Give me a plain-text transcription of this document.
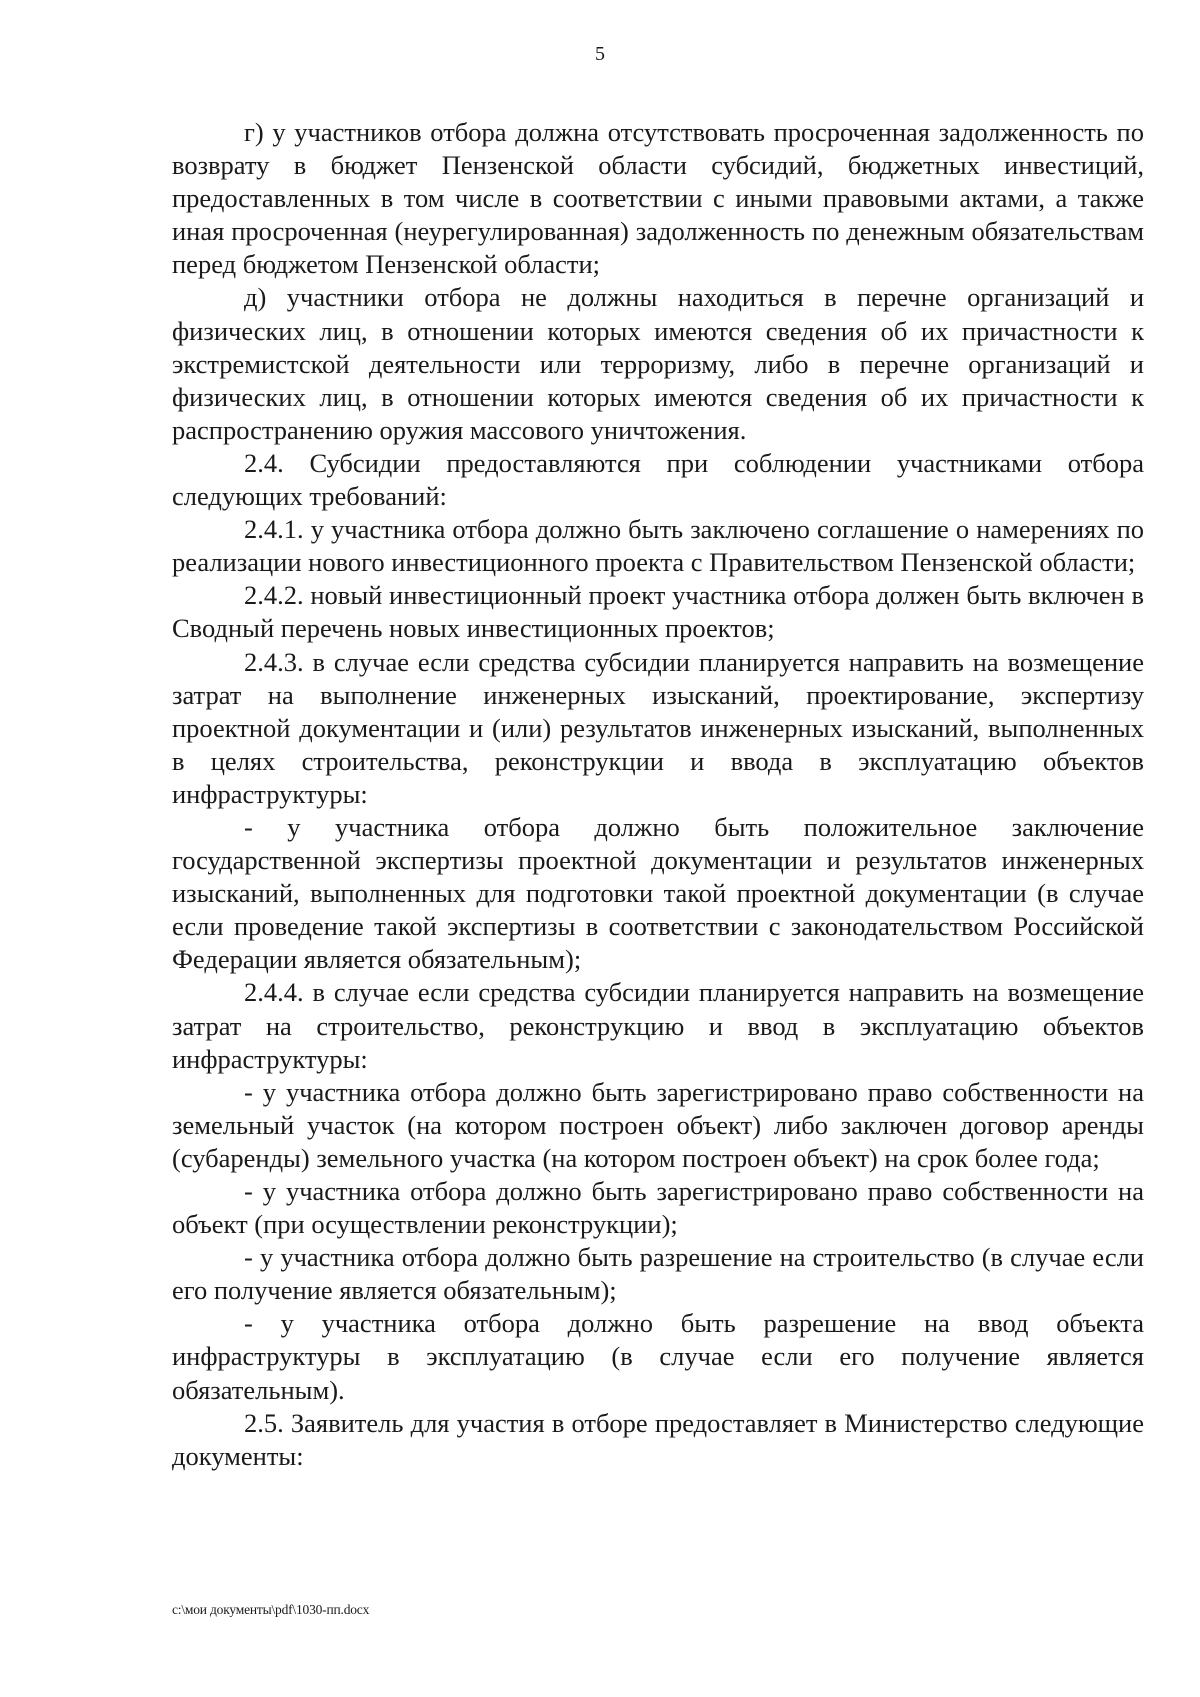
5

г) у участников отбора должна отсутствовать просроченная задолженность по возврату в бюджет Пензенской области субсидий, бюджетных инвестиций, предоставленных в том числе в соответствии с иными правовыми актами, а также иная просроченная (неурегулированная) задолженность по денежным обязательствам перед бюджетом Пензенской области;

д) участники отбора не должны находиться в перечне организаций и физических лиц, в отношении которых имеются сведения об их причастности к экстремистской деятельности или терроризму, либо в перечне организаций и физических лиц, в отношении которых имеются сведения об их причастности к распространению оружия массового уничтожения.

2.4. Субсидии предоставляются при соблюдении участниками отбора следующих требований:

2.4.1. у участника отбора должно быть заключено соглашение о намерениях по реализации нового инвестиционного проекта с Правительством Пензенской области;

2.4.2. новый инвестиционный проект участника отбора должен быть включен в Сводный перечень новых инвестиционных проектов;

2.4.3. в случае если средства субсидии планируется направить на возмещение затрат на выполнение инженерных изысканий, проектирование, экспертизу проектной документации и (или) результатов инженерных изысканий, выполненных в целях строительства, реконструкции и ввода в эксплуатацию объектов инфраструктуры:

- у участника отбора должно быть положительное заключение государственной экспертизы проектной документации и результатов инженерных изысканий, выполненных для подготовки такой проектной документации (в случае если проведение такой экспертизы в соответствии с законодательством Российской Федерации является обязательным);

2.4.4. в случае если средства субсидии планируется направить на возмещение затрат на строительство, реконструкцию и ввод в эксплуатацию объектов инфраструктуры:

- у участника отбора должно быть зарегистрировано право собственности на земельный участок (на котором построен объект) либо заключен договор аренды (субаренды) земельного участка (на котором построен объект) на срок более года;

- у участника отбора должно быть зарегистрировано право собственности на объект (при осуществлении реконструкции);

- у участника отбора должно быть разрешение на строительство (в случае если его получение является обязательным);

- у участника отбора должно быть разрешение на ввод объекта инфраструктуры в эксплуатацию (в случае если его получение является обязательным).

2.5. Заявитель для участия в отборе предоставляет в Министерство следующие документы:

c:\мои документы\pdf\1030-пп.docx
